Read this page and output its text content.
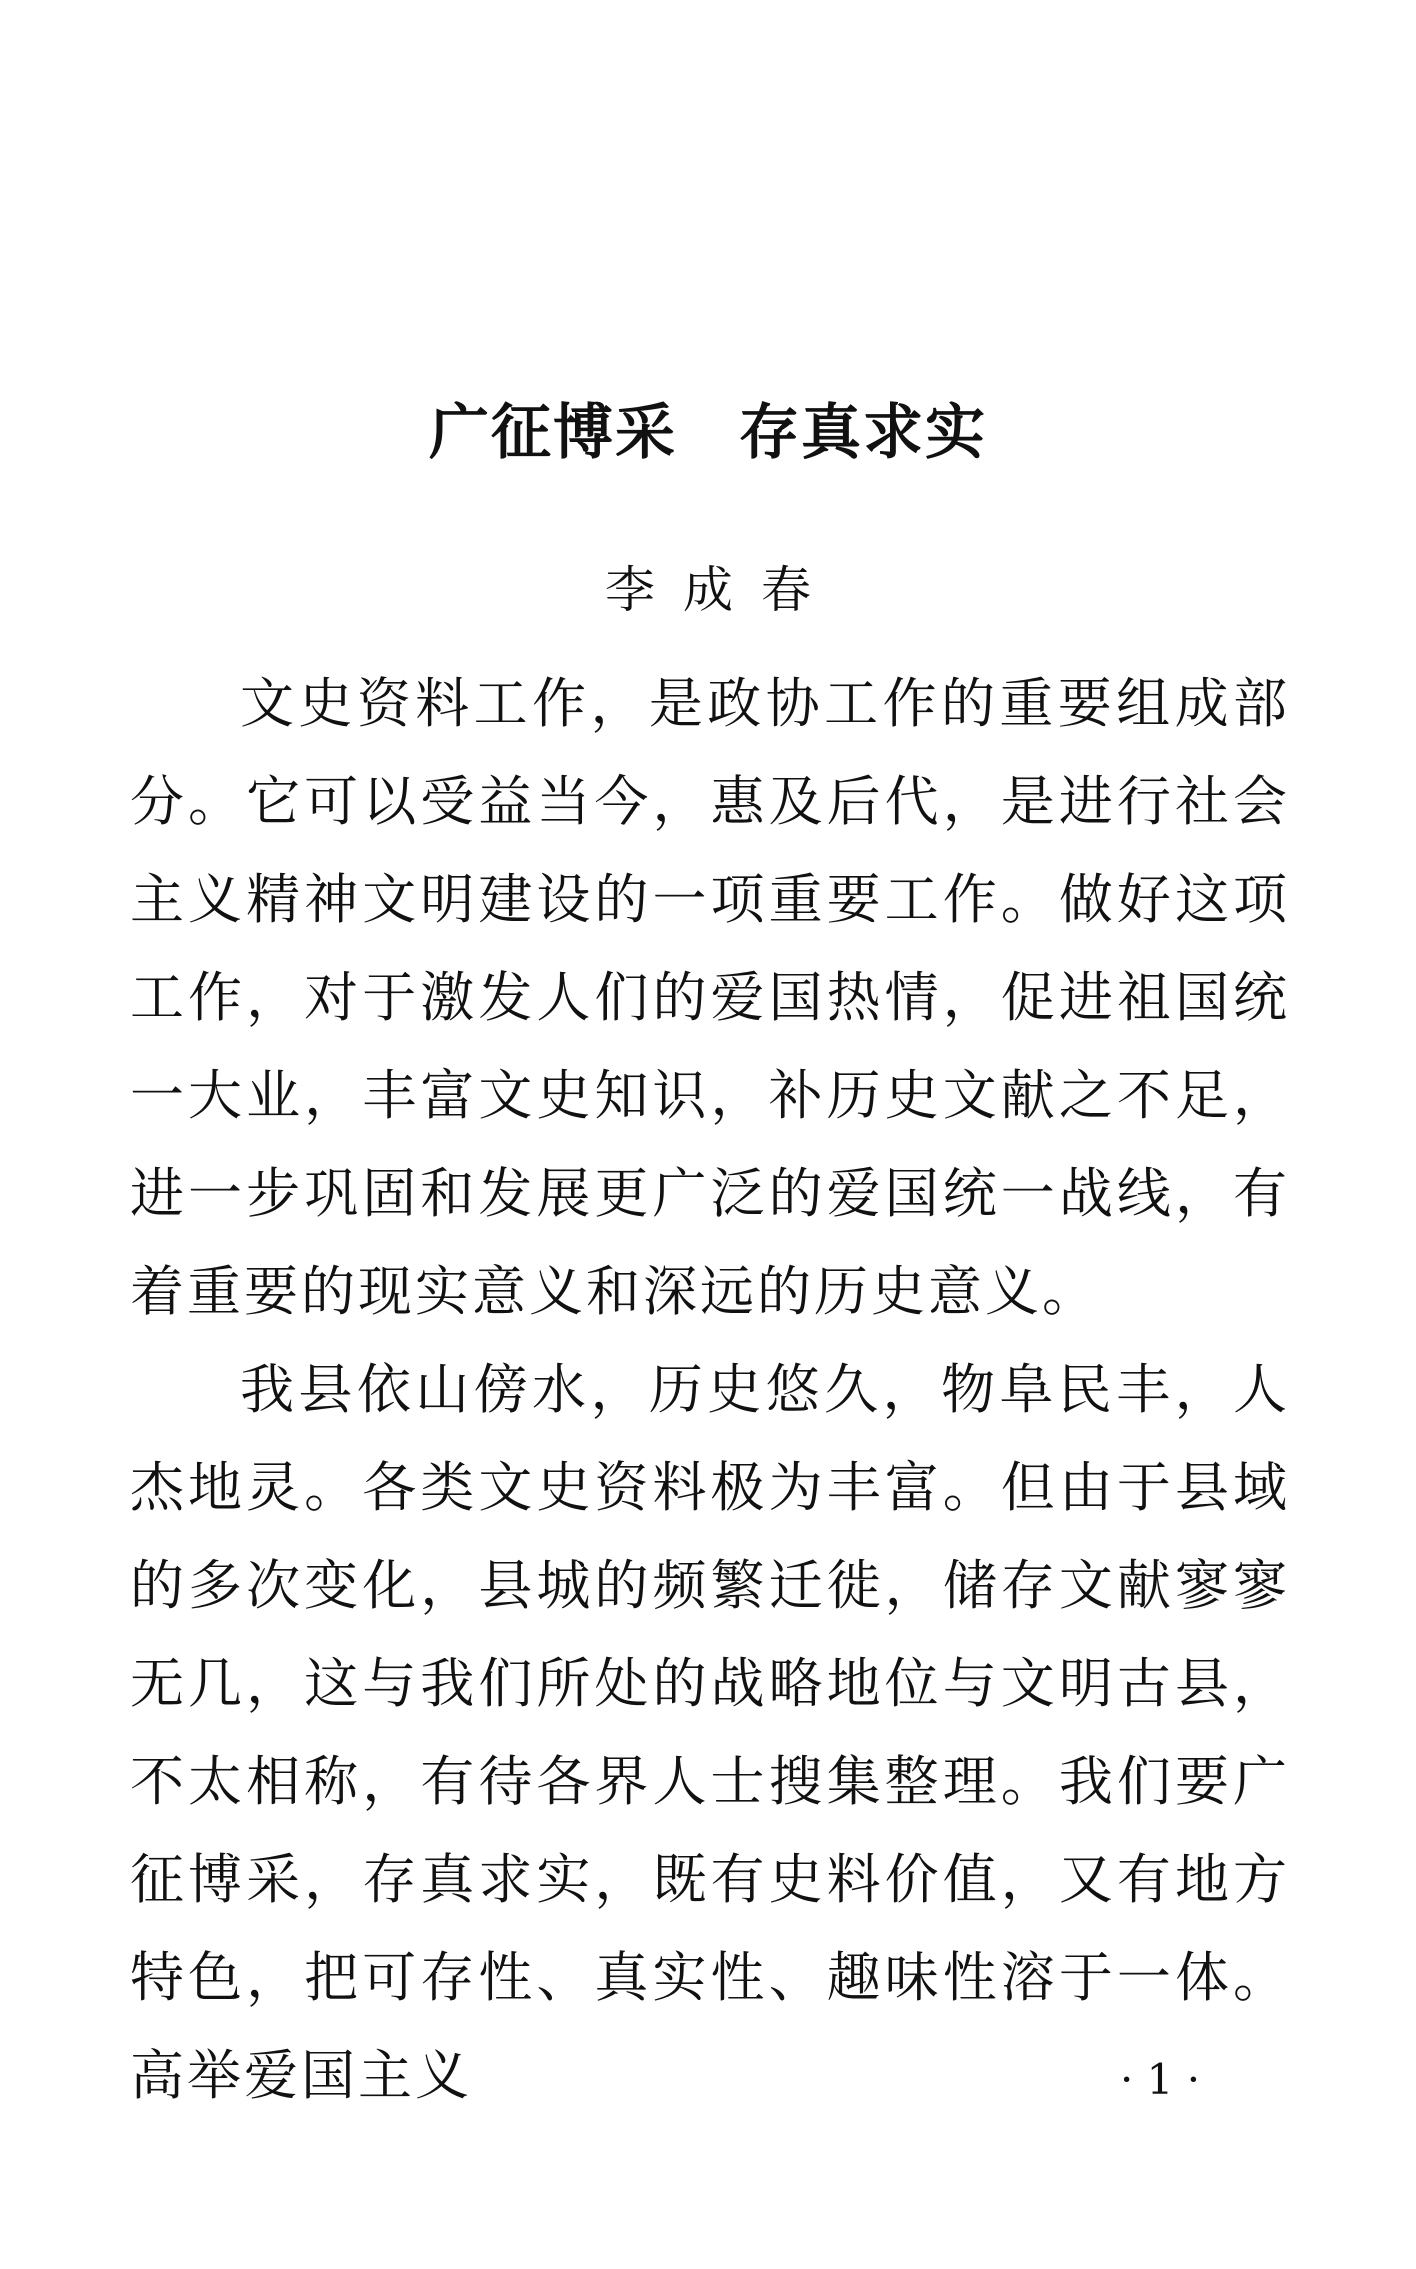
广征博采　存真求实

李成春

文史资料工作，是政协工作的重要组成部分。它可以受益当今，惠及后代，是进行社会主义精神文明建设的一项重要工作。做好这项工作，对于激发人们的爱国热情，促进祖国统一大业，丰富文史知识，补历史文献之不足，进一步巩固和发展更广泛的爱国统一战线，有着重要的现实意义和深远的历史意义。

我县依山傍水，历史悠久，物阜民丰，人杰地灵。各类文史资料极为丰富。但由于县域的多次变化，县城的频繁迁徙，储存文献寥寥无几，这与我们所处的战略地位与文明古县，不太相称，有待各界人士搜集整理。我们要广征博采，存真求实，既有史料价值，又有地方特色，把可存性、真实性、趣味性溶于一体。高举爱国主义	· 1 ·
